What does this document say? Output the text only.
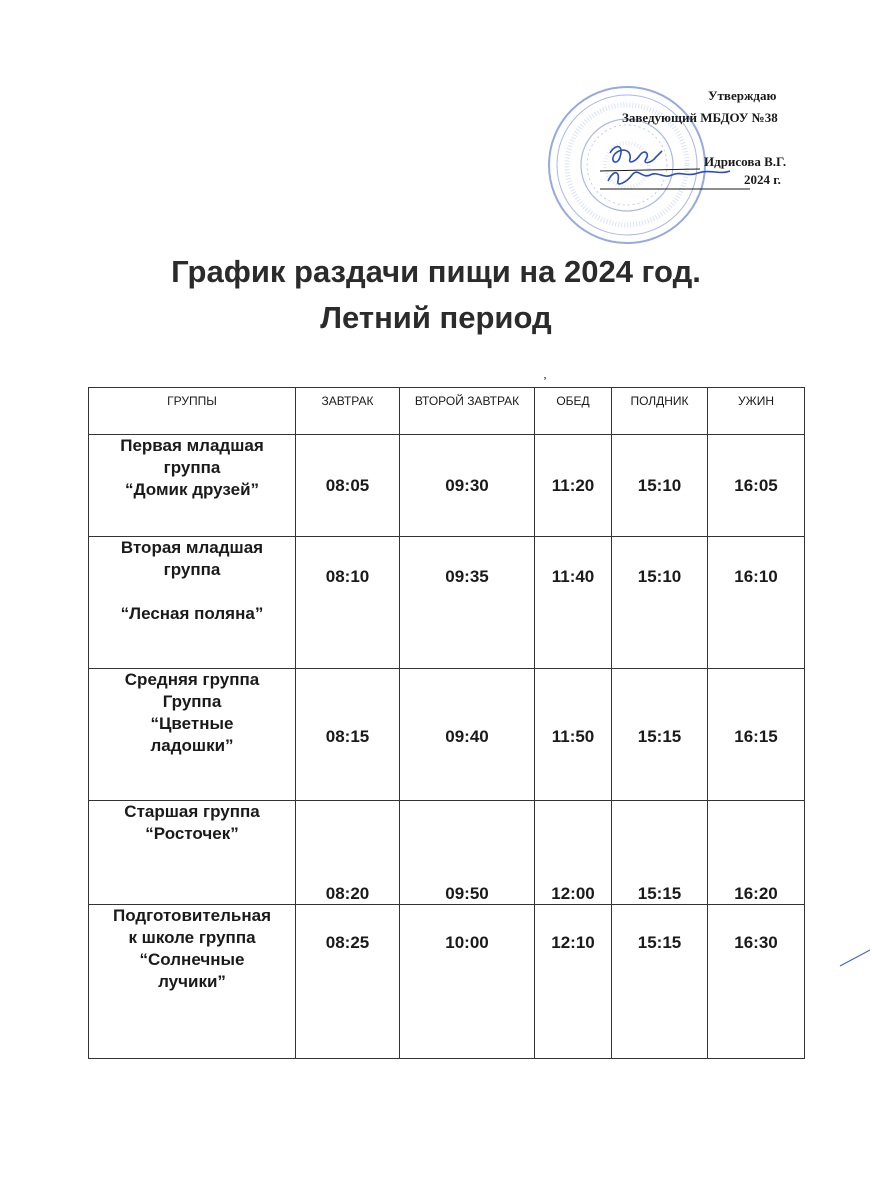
Утверждаю
Заведующий МБДОУ №38
Идрисова В.Г.
2024 г.
График раздачи пищи на 2024 год.
Летний период
‚
ГРУППЫ	ЗАВТРАК	ВТОРОЙ ЗАВТРАК	ОБЕД	ПОЛДНИК	УЖИН

Первая младшая
группа
“Домик друзей”	08:05	09:30	11:20	15:10	16:05

Вторая младшая
группа
“Лесная поляна”	08:10	09:35	11:40	15:10	16:10

Средняя группа
Группа
“Цветные
ладошки”	08:15	09:40	11:50	15:15	16:15

Старшая группа
“Росточек”	08:20	09:50	12:00	15:15	16:20

Подготовительная
к школе группа
“Солнечные
лучики”	08:25	10:00	12:10	15:15	16:30
